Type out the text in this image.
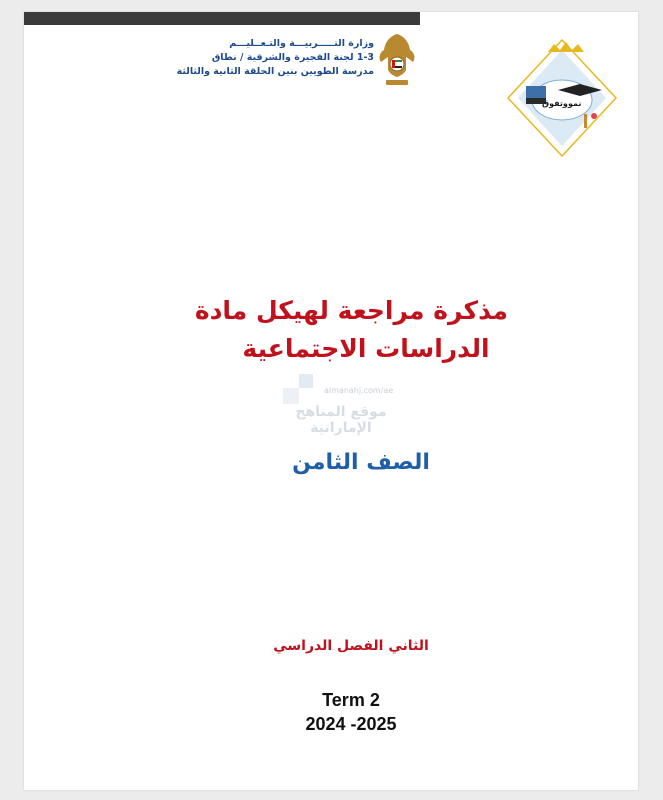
وزارة التـــــربيـــة والتـعــليـــم
1-3 لجنة الفجيرة والشرقية / نطاق
مدرسة الطويين بنين الحلقة الثانية والثالثة
وتفوق نمو
مذكرة مراجعة لهيكل مادة
الدراسات الاجتماعية
almanahj.com/ae
موقع المناهج الإماراتية
الصف الثامن
الثاني الفصل الدراسي
Term 2
2024 -2025
